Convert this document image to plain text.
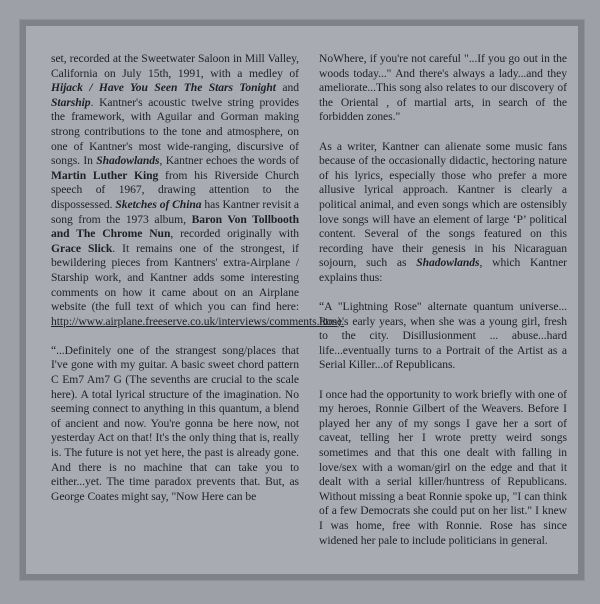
set, recorded at the Sweetwater Saloon in Mill Valley, California on July 15th, 1991, with a medley of Hijack / Have You Seen The Stars Tonight and Starship. Kantner's acoustic twelve string provides the framework, with Aguilar and Gorman making strong contributions to the tone and atmosphere, on one of Kantner's most wide-ranging, discursive of songs. In Shadowlands, Kantner echoes the words of Martin Luther King from his Riverside Church speech of 1967, drawing attention to the dispossessed. Sketches of China has Kantner revisit a song from the 1973 album, Baron Von Tollbooth and The Chrome Nun, recorded originally with Grace Slick. It remains one of the strongest, if bewildering pieces from Kantners' extra-Airplane / Starship work, and Kantner adds some interesting comments on how it came about on an Airplane website (the full text of which you can find here: http://www.airplane.freeserve.co.uk/interviews/comments.htm).

“...Definitely one of the strangest song/places that I've gone with my guitar. A basic sweet chord pattern C Em7 Am7 G (The sevenths are crucial to the scale here). A total lyrical structure of the imagination. No seeming connect to anything in this quantum, a blend of ancient and now. You're gonna be here now, not yesterday Act on that! It's the only thing that is, really is. The future is not yet here, the past is already gone. And there is no machine that can take you to either...yet. The time paradox prevents that. But, as George Coates might say, "Now Here can be

NoWhere, if you're not careful "...If you go out in the woods today..." And there's always a lady...and they ameliorate...This song also relates to our discovery of the Oriental , of martial arts, in search of the forbidden zones."

As a writer, Kantner can alienate some music fans because of the occasionally didactic, hectoring nature of his lyrics, especially those who prefer a more allusive lyrical approach. Kantner is clearly a political animal, and even songs which are ostensibly love songs will have an element of large ‘P’ political content. Several of the songs featured on this recording have their genesis in his Nicaraguan sojourn, such as Shadowlands, which Kantner explains thus:

“A "Lightning Rose" alternate quantum universe... Rose's early years, when she was a young girl, fresh to the city. Disillusionment ... abuse...hard life...eventually turns to a Portrait of the Artist as a Serial Killer...of Republicans.

I once had the opportunity to work briefly with one of my heroes, Ronnie Gilbert of the Weavers. Before I played her any of my songs I gave her a sort of caveat, telling her I wrote pretty weird songs sometimes and that this one dealt with falling in love/sex with a woman/girl on the edge and that it dealt with a serial killer/huntress of Republicans. Without missing a beat Ronnie spoke up, "I can think of a few Democrats she could put on her list." I knew I was home, free with Ronnie. Rose has since widened her pale to include politicians in general.
